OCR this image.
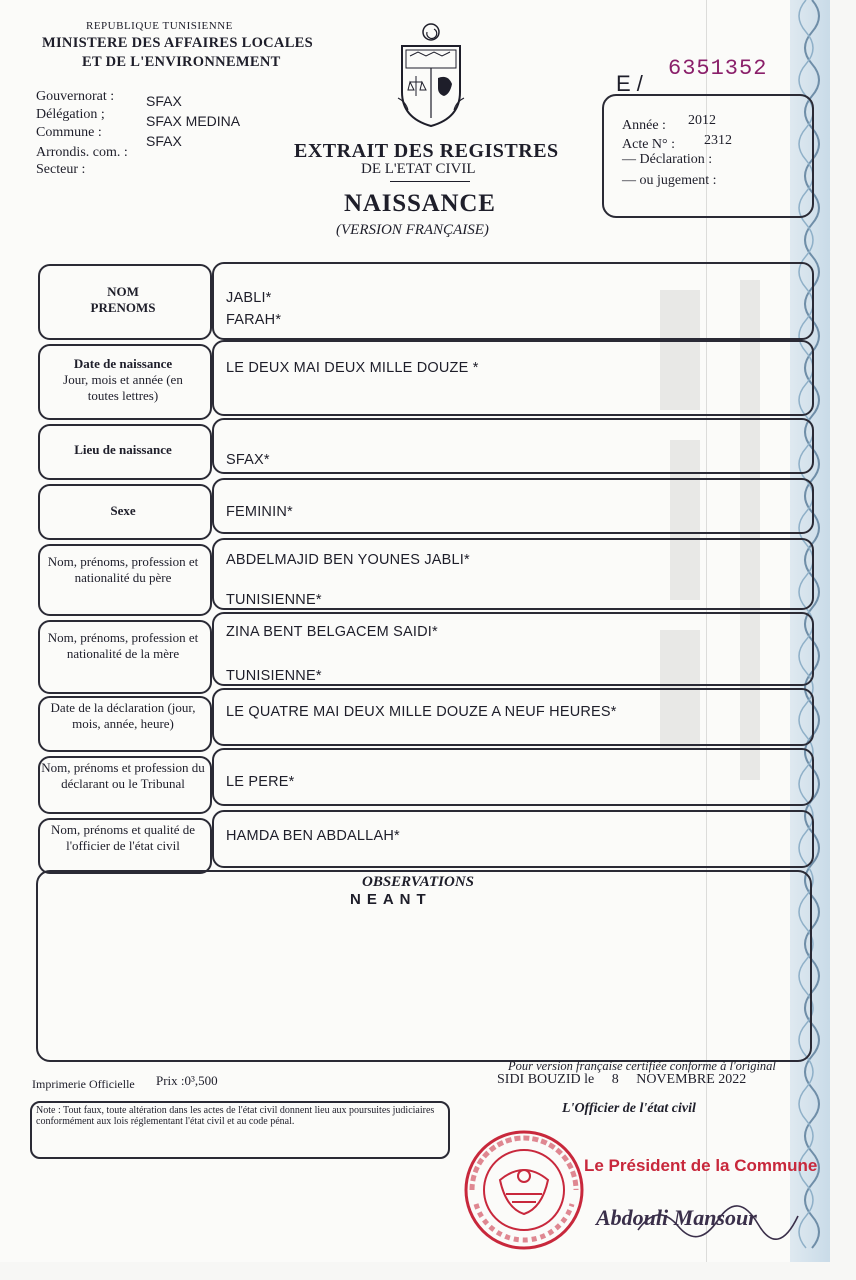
REPUBLIQUE TUNISIENNE
MINISTERE DES AFFAIRES LOCALES
ET DE L'ENVIRONNEMENT
Gouvernorat : SFAX
Délégation ;	SFAX MEDINA
Commune :
SFAX
Arrondis. com. :
Secteur :
EXTRAIT DES REGISTRES
DE L'ETAT CIVIL
NAISSANCE
(VERSION FRANÇAISE)
E /
6351352
Année : 2012
Acte N° : 2312
— Déclaration :
— ou jugement :
NOM
PRENOMS
Date de naissance
Jour, mois et année (en toutes lettres)
Lieu de naissance
Sexe
Nom, prénoms, profession et nationalité du père
Nom, prénoms, profession et nationalité de la mère
Date de la déclaration (jour, mois, année, heure)
Nom, prénoms et profession du déclarant ou le Tribunal
Nom, prénoms et qualité de l'officier de l'état civil
JABLI*
FARAH*
LE DEUX MAI DEUX MILLE DOUZE *
SFAX*
FEMININ*
ABDELMAJID BEN YOUNES JABLI*
TUNISIENNE*
ZINA BENT BELGACEM SAIDI*
TUNISIENNE*
LE QUATRE MAI DEUX MILLE DOUZE A NEUF HEURES*
LE PERE*
HAMDA BEN ABDALLAH*
OBSERVATIONS
NEANT
Pour version française certifiée conforme à l'original
Imprimerie Officielle Prix :0³,500	SIDI BOUZID le     8     NOVEMBRE 2022
L'Officier de l'état civil
Note : Tout faux, toute altération dans les actes de l'état civil donnent lieu aux poursuites judiciaires conformément aux lois réglementant l'état civil et au code pénal.
Le Président de la Commune
Abdouli Mansour
